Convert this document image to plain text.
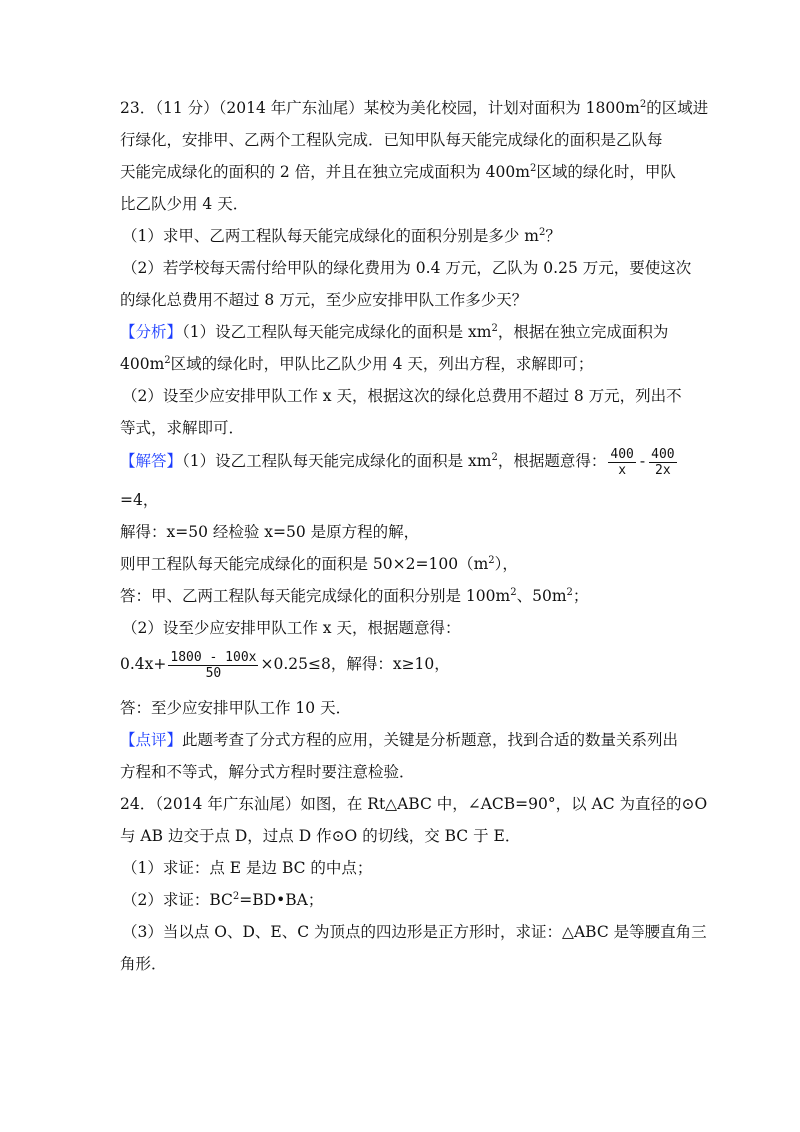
23．（11 分）（2014 年广东汕尾）某校为美化校园，计划对面积为 $1800m^2$的区域进
行绿化，安排甲、乙两个工程队完成．已知甲队每天能完成绿化的面积是乙队每
天能完成绿化的面积的 2 倍，并且在独立完成面积为 $400m^2$区域的绿化时，甲队
比乙队少用 4 天．
（1）求甲、乙两工程队每天能完成绿化的面积分别是多少 $m^2$？
（2）若学校每天需付给甲队的绿化费用为 0.4 万元，乙队为 0.25 万元，要使这次
的绿化总费用不超过 8 万元，至少应安排甲队工作多少天？
【分析】（1）设乙工程队每天能完成绿化的面积是 $xm^2$，根据在独立完成面积为
$400m^2$区域的绿化时，甲队比乙队少用 4 天，列出方程，求解即可；
（2）设至少应安排甲队工作 x 天，根据这次的绿化总费用不超过 8 万元，列出不
等式，求解即可．
【解答】（1）设乙工程队每天能完成绿化的面积是 $xm^2$，根据题意得： $\frac{400}{x} - \frac{400}{2x}$
=4，
解得：x=50 经检验 x=50 是原方程的解，
则甲工程队每天能完成绿化的面积是 $50\times 2=100(m^2)$，
答：甲、乙两工程队每天能完成绿化的面积分别是 $100m^2$、$50m^2$；
（2）设至少应安排甲队工作 x 天，根据题意得：
$0.4x+ \frac{1800 - 100x}{50} \times 0.25\le 8$，解得：x≥10，
答：至少应安排甲队工作 10 天．
【点评】此题考查了分式方程的应用，关键是分析题意，找到合适的数量关系列出
方程和不等式，解分式方程时要注意检验．
24．（2014 年广东汕尾）如图，在 Rt△ABC 中，∠ACB=90°，以 AC 为直径的⊙O
与 AB 边交于点 D，过点 D 作⊙O 的切线，交 BC 于 E．
（1）求证：点 E 是边 BC 的中点；
（2）求证：$BC^2=BD•BA$；
（3）当以点 O、D、E、C 为顶点的四边形是正方形时，求证：△ABC 是等腰直角三
角形．
